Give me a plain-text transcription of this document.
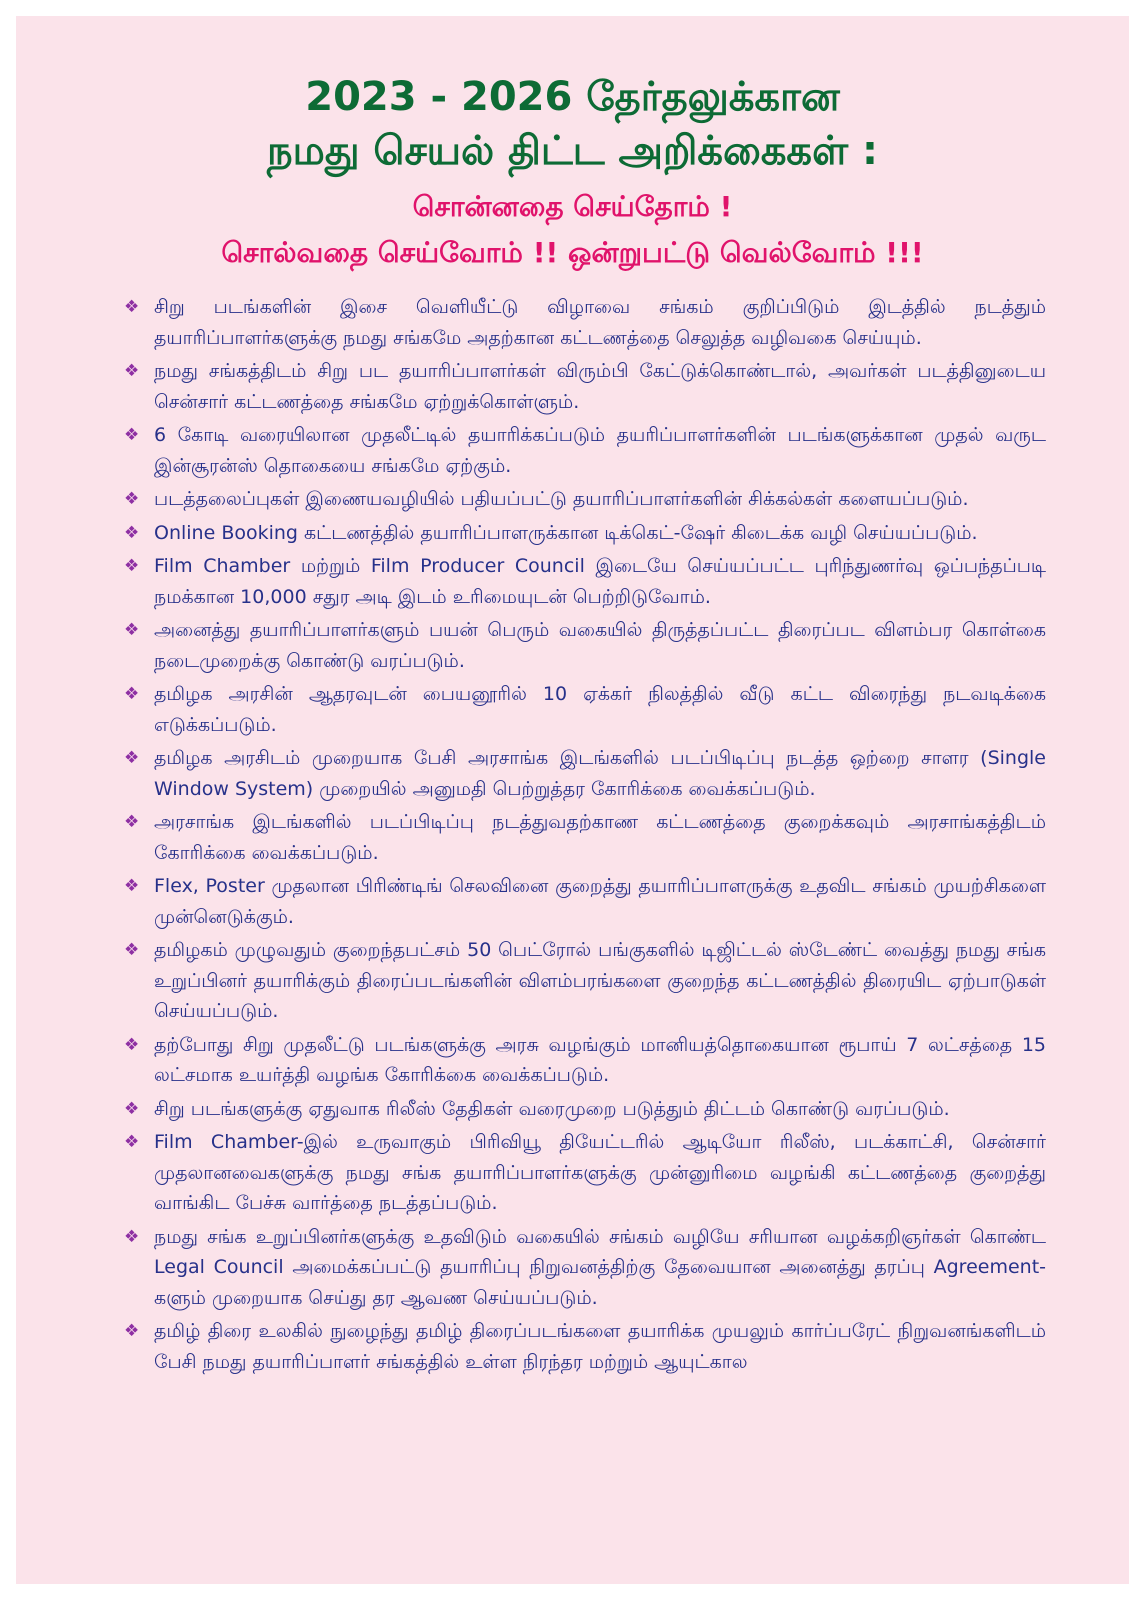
2023 - 2026 தேர்தலுக்கான
நமது செயல் திட்ட அறிக்கைகள் :
சொன்னதை செய்தோம் !
சொல்வதை செய்வோம் !! ஒன்றுபட்டு வெல்வோம் !!!
❖ சிறு படங்களின் இசை வெளியீட்டு விழாவை சங்கம் குறிப்பிடும் இடத்தில் நடத்தும் தயாரிப்பாளர்களுக்கு நமது சங்கமே அதற்கான கட்டணத்தை செலுத்த வழிவகை செய்யும்.
❖ நமது சங்கத்திடம் சிறு பட தயாரிப்பாளர்கள் விரும்பி கேட்டுக்கொண்டால், அவர்கள் படத்தினுடைய சென்சார் கட்டணத்தை சங்கமே ஏற்றுக்கொள்ளும்.
❖ 6 கோடி வரையிலான முதலீட்டில் தயாரிக்கப்படும் தயரிப்பாளர்களின் படங்களுக்கான முதல் வருட இன்சூரன்ஸ் தொகையை சங்கமே ஏற்கும்.
❖ படத்தலைப்புகள் இணையவழியில் பதியப்பட்டு தயாரிப்பாளர்களின் சிக்கல்கள் களையப்படும்.
❖ Online Booking கட்டணத்தில் தயாரிப்பாளருக்கான டிக்கெட்-ஷேர் கிடைக்க வழி செய்யப்படும்.
❖ Film Chamber மற்றும் Film Producer Council இடையே செய்யப்பட்ட புரிந்துணர்வு ஒப்பந்தப்படி நமக்கான 10,000 சதுர அடி இடம் உரிமையுடன் பெற்றிடுவோம்.
❖ அனைத்து தயாரிப்பாளர்களும் பயன் பெரும் வகையில் திருத்தப்பட்ட திரைப்பட விளம்பர கொள்கை நடைமுறைக்கு கொண்டு வரப்படும்.
❖ தமிழக அரசின் ஆதரவுடன் பையனூரில் 10 ஏக்கர் நிலத்தில் வீடு கட்ட விரைந்து நடவடிக்கை எடுக்கப்படும்.
❖ தமிழக அரசிடம் முறையாக பேசி அரசாங்க இடங்களில் படப்பிடிப்பு நடத்த ஒற்றை சாளர (Single Window System) முறையில் அனுமதி பெற்றுத்தர கோரிக்கை வைக்கப்படும்.
❖ அரசாங்க இடங்களில் படப்பிடிப்பு நடத்துவதற்காண கட்டணத்தை குறைக்கவும் அரசாங்கத்திடம் கோரிக்கை வைக்கப்படும்.
❖ Flex, Poster முதலான பிரிண்டிங் செலவினை குறைத்து தயாரிப்பாளருக்கு உதவிட சங்கம் முயற்சிகளை முன்னெடுக்கும்.
❖ தமிழகம் முழுவதும் குறைந்தபட்சம் 50 பெட்ரோல் பங்குகளில் டிஜிட்டல் ஸ்டேண்ட் வைத்து நமது சங்க உறுப்பினர் தயாரிக்கும் திரைப்படங்களின் விளம்பரங்களை குறைந்த கட்டணத்தில் திரையிட ஏற்பாடுகள் செய்யப்படும்.
❖ தற்போது சிறு முதலீட்டு படங்களுக்கு அரசு வழங்கும் மானியத்தொகையான ரூபாய் 7 லட்சத்தை 15 லட்சமாக உயர்த்தி வழங்க கோரிக்கை வைக்கப்படும்.
❖ சிறு படங்களுக்கு ஏதுவாக ரிலீஸ் தேதிகள் வரைமுறை படுத்தும் திட்டம் கொண்டு வரப்படும்.
❖ Film Chamber-இல் உருவாகும் பிரிவியூ தியேட்டரில் ஆடியோ ரிலீஸ், படக்காட்சி, சென்சார் முதலானவைகளுக்கு நமது சங்க தயாரிப்பாளர்களுக்கு முன்னுரிமை வழங்கி கட்டணத்தை குறைத்து வாங்கிட பேச்சு வார்த்தை நடத்தப்படும்.
❖ நமது சங்க உறுப்பினர்களுக்கு உதவிடும் வகையில் சங்கம் வழியே சரியான வழக்கறிஞர்கள் கொண்ட Legal Council அமைக்கப்பட்டு தயாரிப்பு நிறுவனத்திற்கு தேவையான அனைத்து தரப்பு Agreement-களும் முறையாக செய்து தர ஆவண செய்யப்படும்.
❖ தமிழ் திரை உலகில் நுழைந்து தமிழ் திரைப்படங்களை தயாரிக்க முயலும் கார்ப்பரேட் நிறுவனங்களிடம் பேசி நமது தயாரிப்பாளர் சங்கத்தில் உள்ள நிரந்தர மற்றும் ஆயுட்கால
